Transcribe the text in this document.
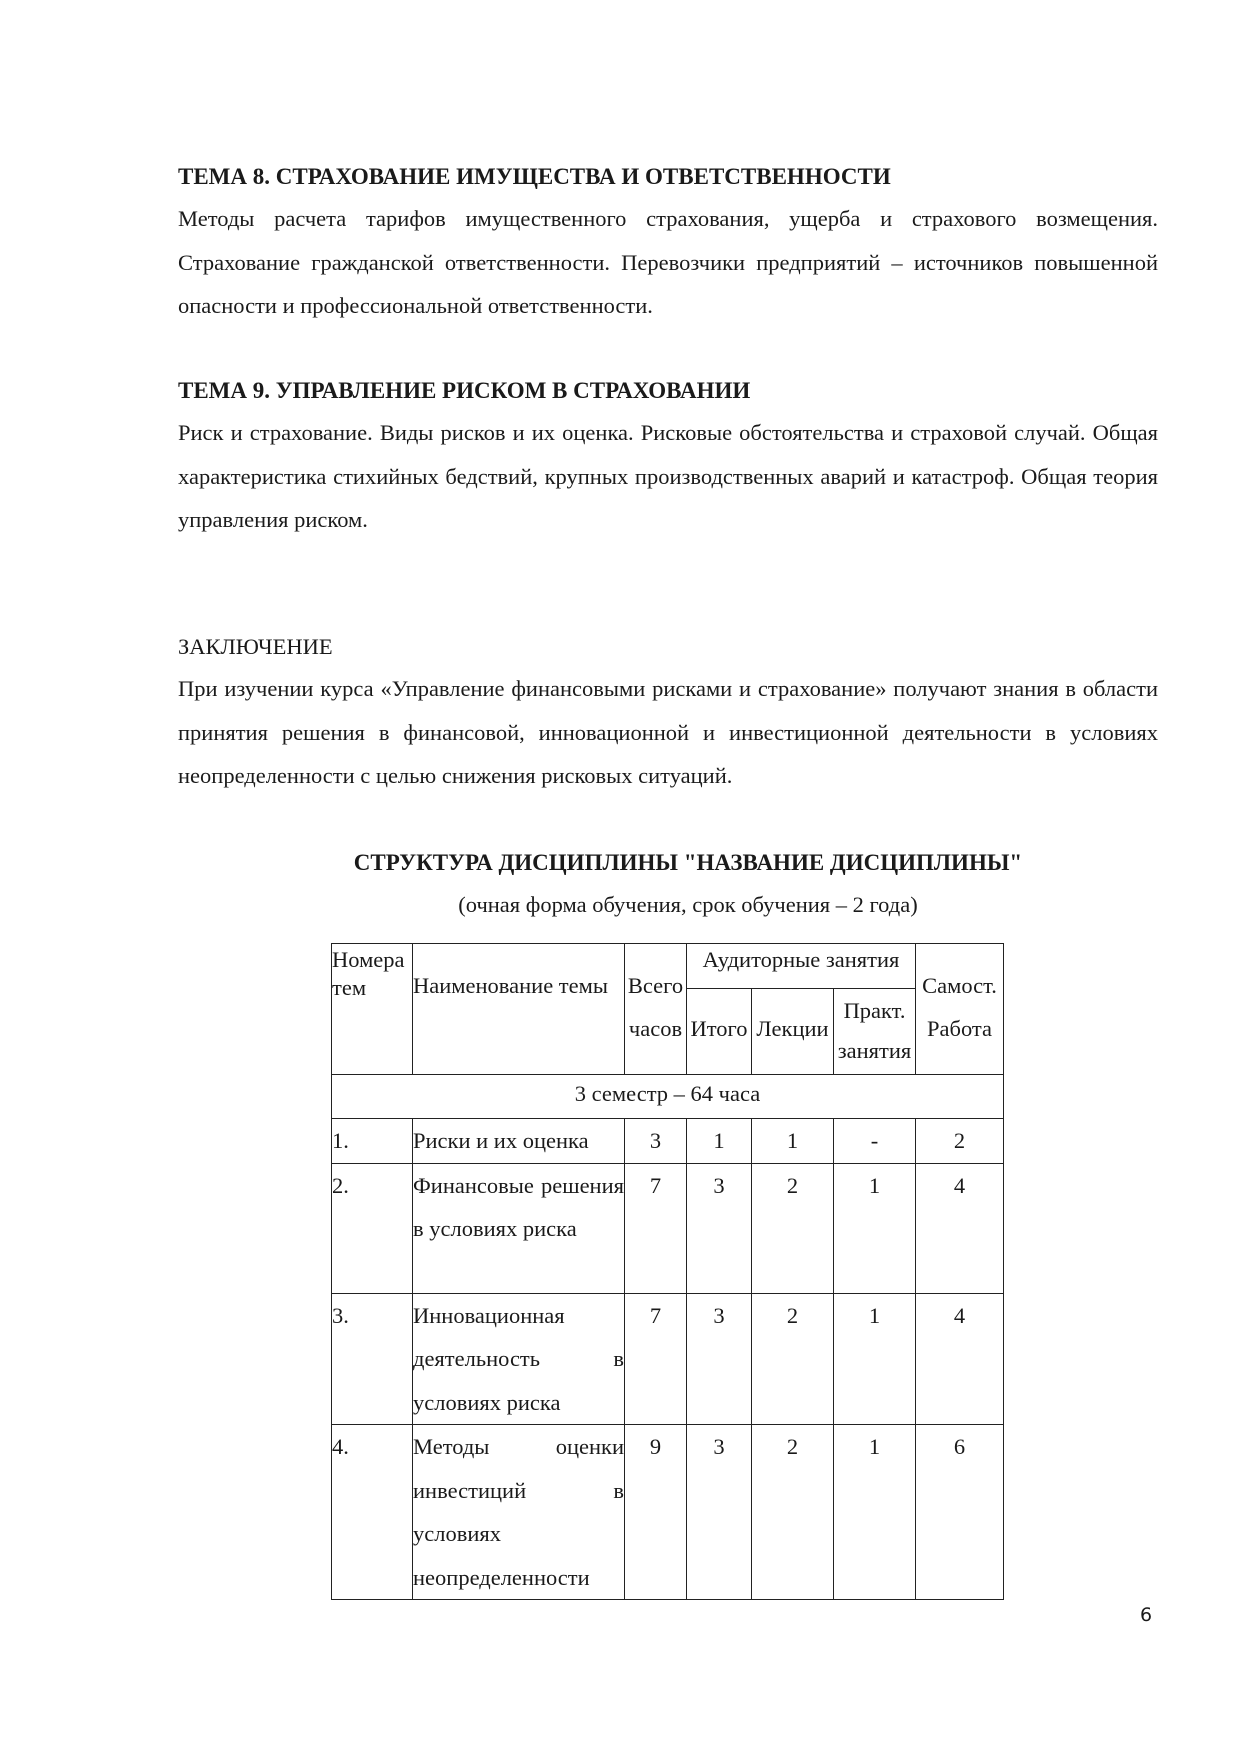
ТЕМА 8. СТРАХОВАНИЕ ИМУЩЕСТВА И ОТВЕТСТВЕННОСТИ
Методы расчета тарифов имущественного страхования, ущерба и страхового возмещения. Страхование гражданской ответственности. Перевозчики предприятий – источников повышенной опасности и профессиональной ответственности.
ТЕМА 9. УПРАВЛЕНИЕ РИСКОМ В СТРАХОВАНИИ
Риск и страхование. Виды рисков и их оценка. Рисковые обстоятельства и страховой случай. Общая характеристика стихийных бедствий, крупных производственных аварий и катастроф. Общая теория управления риском.
ЗАКЛЮЧЕНИЕ
При изучении курса «Управление финансовыми рисками и страхование» получают знания в области принятия решения в финансовой, инновационной и инвестиционной деятельности в условиях неопределенности с целью снижения рисковых ситуаций.
СТРУКТУРА ДИСЦИПЛИНЫ "НАЗВАНИЕ ДИСЦИПЛИНЫ"
(очная форма обучения, срок обучения – 2 года)
Номера тем	Наименование темы	Всего часов	Аудиторные занятия			Самост. Работа
			Итого	Лекции	Практ. занятия	
3 семестр – 64 часа						
1.	Риски и их оценка	3	1	1	-	2
2.	Финансовые решения в условиях риска	7	3	2	1	4
3.	Инновационная деятельность в условиях риска	7	3	2	1	4
4.	Методы оценки инвестиций в условиях неопределенности	9	3	2	1	6
6
